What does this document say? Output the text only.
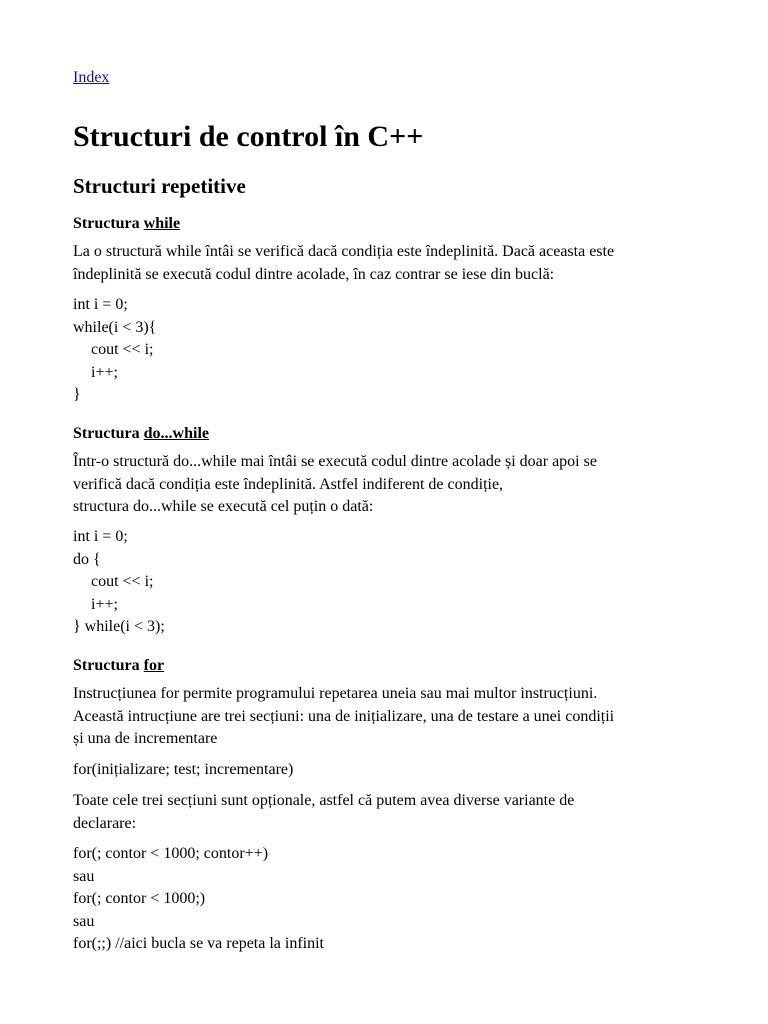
Index
Structuri de control în C++
Structuri repetitive
Structura while

La o structură while întâi se verifică dacă condiția este îndeplinită. Dacă aceasta este
îndeplinită se execută codul dintre acolade, în caz contrar se iese din buclă:

int i = 0;
while(i < 3){
cout << i;
i++;
}
Structura do...while

Într-o structură do...while mai întâi se execută codul dintre acolade și doar apoi se
verifică dacă condiția este îndeplinită. Astfel indiferent de condiție,
structura do...while se execută cel puțin o dată:

int i = 0;
do {
cout << i;
i++;
} while(i < 3);
Structura for

Instrucțiunea for permite programului repetarea uneia sau mai multor instrucțiuni.
Această intrucțiune are trei secțiuni: una de inițializare, una de testare a unei condiții
și una de incrementare

for(inițializare; test; incrementare)

Toate cele trei secțiuni sunt opționale, astfel că putem avea diverse variante de
declarare:

for(; contor < 1000; contor++)
sau
for(; contor < 1000;)
sau
for(;;) //aici bucla se va repeta la infinit
